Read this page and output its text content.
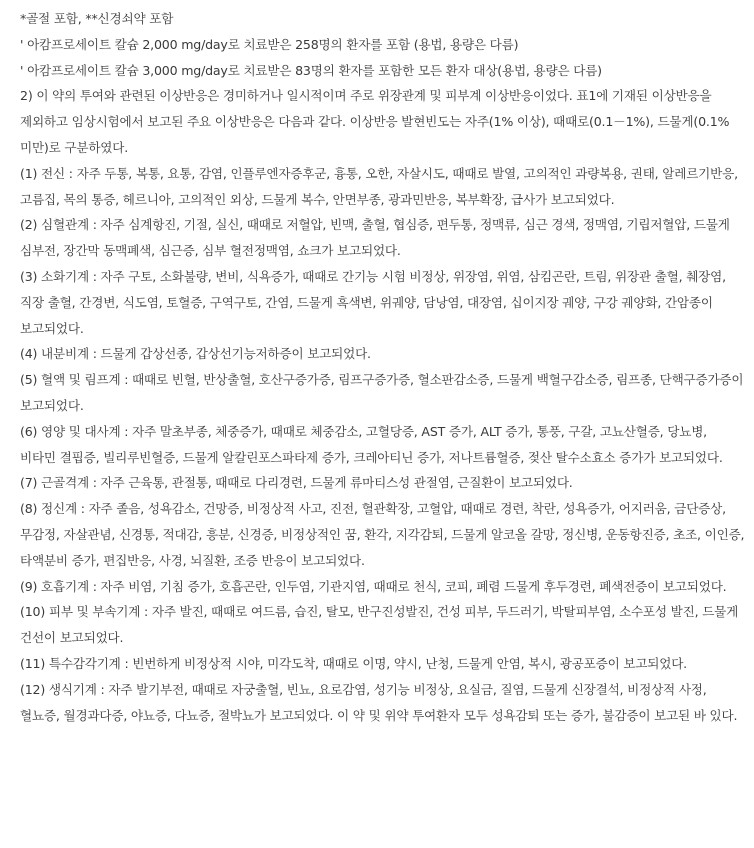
*골절 포함, **신경쇠약 포함
' 아캄프로세이트 칼슘 2,000 mg/day로 치료받은 258명의 환자를 포함 (용법, 용량은 다름)
' 아캄프로세이트 칼슘 3,000 mg/day로 치료받은 83명의 환자를 포함한 모든 환자 대상(용법, 용량은 다름)
2) 이 약의 투여와 관련된 이상반응은 경미하거나 일시적이며 주로 위장관계 및 피부계 이상반응이었다. 표1에 기재된 이상반응을 제외하고 임상시험에서 보고된 주요 이상반응은 다음과 같다. 이상반응 발현빈도는 자주(1% 이상), 때때로(0.1－1%), 드물게(0.1% 미만)로 구분하였다.
(1) 전신 : 자주 두통, 복통, 요통, 감염, 인플루엔자증후군, 흉통, 오한, 자살시도, 때때로 발열, 고의적인 과량복용, 권태, 알레르기반응, 고름집, 목의 통증, 헤르니아, 고의적인 외상, 드물게 복수, 안면부종, 광과민반응, 복부확장, 급사가 보고되었다.
(2) 심혈관계 : 자주 심계항진, 기절, 실신, 때때로 저혈압, 빈맥, 출혈, 협심증, 편두통, 정맥류, 심근 경색, 정맥염, 기립저혈압, 드물게 심부전, 장간막 동맥폐색, 심근증, 심부 혈전정맥염, 쇼크가 보고되었다.
(3) 소화기계 : 자주 구토, 소화불량, 변비, 식욕증가, 때때로 간기능 시험 비정상, 위장염, 위염, 삼킴곤란, 트림, 위장관 출혈, 췌장염, 직장 출혈, 간경변, 식도염, 토혈증, 구역구토, 간염, 드물게 흑색변, 위궤양, 담낭염, 대장염, 십이지장 궤양, 구강 궤양화, 간암종이 보고되었다.
(4) 내분비계 : 드물게 갑상선종, 갑상선기능저하증이 보고되었다.
(5) 혈액 및 림프계 : 때때로 빈혈, 반상출혈, 호산구증가증, 림프구증가증, 혈소판감소증, 드물게 백혈구감소증, 림프종, 단핵구증가증이 보고되었다.
(6) 영양 및 대사계 : 자주 말초부종, 체중증가, 때때로 체중감소, 고혈당증, AST 증가, ALT 증가, 통풍, 구갈, 고뇨산혈증, 당뇨병, 비타민 결핍증, 빌리루빈혈증, 드물게 알칼린포스파타제 증가, 크레아티닌 증가, 저나트륨혈증, 젖산 탈수소효소 증가가 보고되었다.
(7) 근골격계 : 자주 근육통, 관절통, 때때로 다리경련, 드물게 류마티스성 관절염, 근질환이 보고되었다.
(8) 정신계 : 자주 졸음, 성욕감소, 건망증, 비정상적 사고, 진전, 혈관확장, 고혈압, 때때로 경련, 착란, 성욕증가, 어지러움, 금단증상, 무감정, 자살관념, 신경통, 적대감, 흥분, 신경증, 비정상적인 꿈, 환각, 지각감퇴, 드물게 알코올 갈망, 정신병, 운동항진증, 초조, 이인증, 타액분비 증가, 편집반응, 사경, 뇌질환, 조증 반응이 보고되었다.
(9) 호흡기계 : 자주 비염, 기침 증가, 호흡곤란, 인두염, 기관지염, 때때로 천식, 코피, 폐렴 드물게 후두경련, 폐색전증이 보고되었다.
(10) 피부 및 부속기계 : 자주 발진, 때때로 여드름, 습진, 탈모, 반구진성발진, 건성 피부, 두드러기, 박탈피부염, 소수포성 발진, 드물게 건선이 보고되었다.
(11) 특수감각기계 : 빈번하게 비정상적 시야, 미각도착, 때때로 이명, 약시, 난청, 드물게 안염, 복시, 광공포증이 보고되었다.
(12) 생식기계 : 자주 발기부전, 때때로 자궁출혈, 빈뇨, 요로감염, 성기능 비정상, 요실금, 질염, 드물게 신장결석, 비정상적 사정, 혈뇨증, 월경과다증, 야뇨증, 다뇨증, 절박뇨가 보고되었다. 이 약 및 위약 투여환자 모두 성욕감퇴 또는 증가, 불감증이 보고된 바 있다.
